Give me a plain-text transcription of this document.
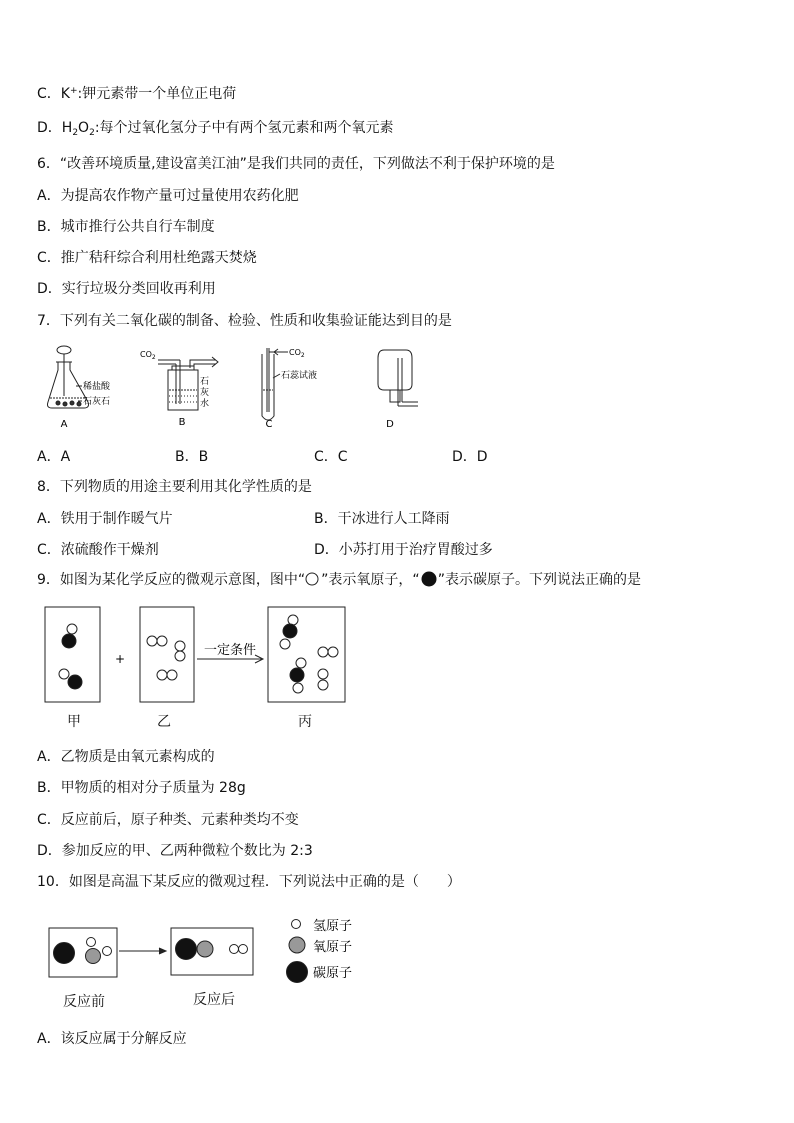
C．K+:钾元素带一个单位正电荷
D．$H_2O_2$:每个过氧化氢分子中有两个氢元素和两个氧元素
6．“改善环境质量,建设富美江油”是我们共同的责任，下列做法不利于保护环境的是
A．为提高农作物产量可过量使用农药化肥
B．城市推行公共自行车制度
C．推广秸秆综合利用杜绝露天焚烧
D．实行垃圾分类回收再利用
7．下列有关二氧化碳的制备、检验、性质和收集验证能达到目的是
稀盐酸
石灰石
$CO_2$
石
灰
水
$CO_2$
石蕊试液
A	B	C	D
A．A	B．B	C．C	D．D
8．下列物质的用途主要利用其化学性质的是
A．铁用于制作暖气片	B．干冰进行人工降雨
C．浓硫酸作干燥剂	D．小苏打用于治疗胃酸过多
9．如图为某化学反应的微观示意图，图中“ ”表示氧原子，“ ”表示碳原子。下列说法正确的是
+
一定条件
甲	乙	丙
A．乙物质是由氧元素构成的
B．甲物质的相对分子质量为 28g
C．反应前后，原子种类、元素种类均不变
D．参加反应的甲、乙两种微粒个数比为 2:3
10．如图是高温下某反应的微观过程．下列说法中正确的是（　　）
氢原子
氧原子
碳原子
反应前	反应后
A．该反应属于分解反应
